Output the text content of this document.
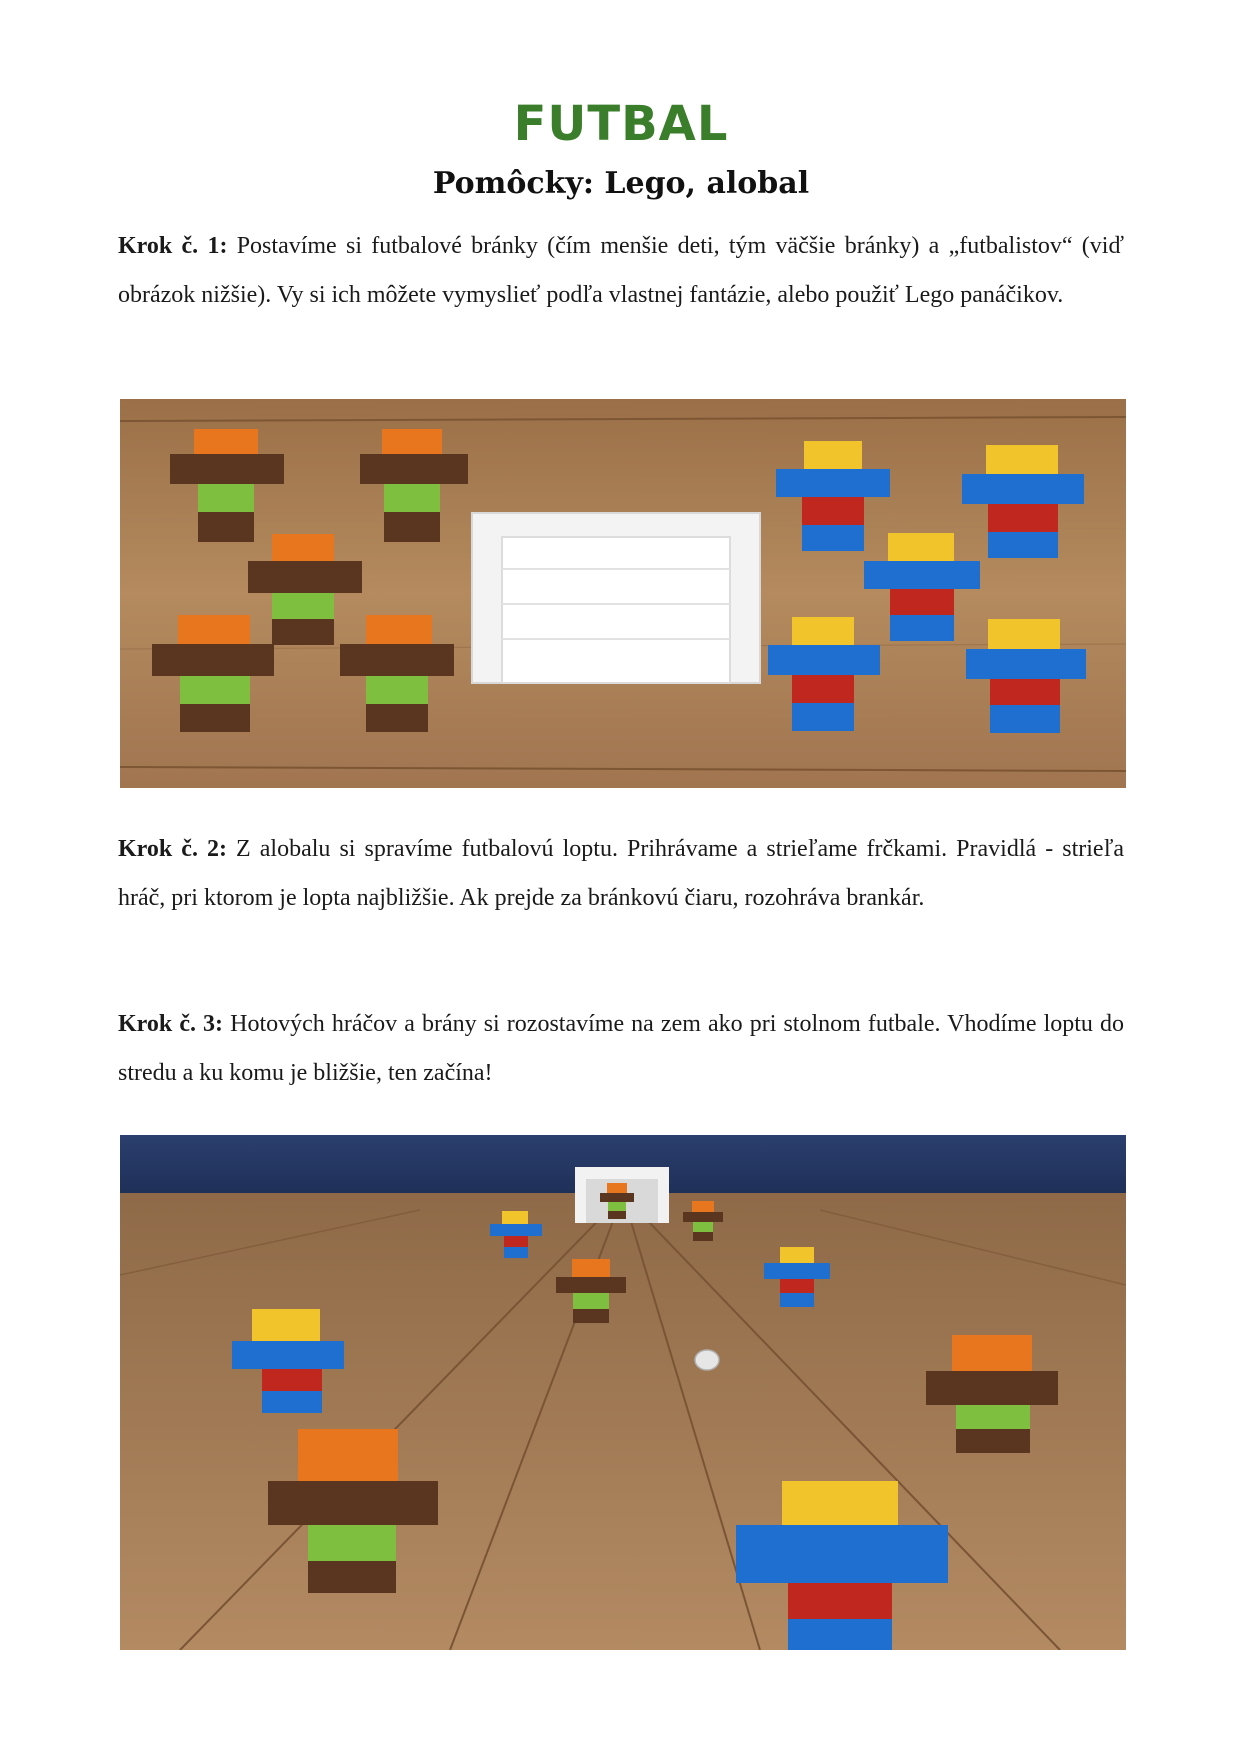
FUTBAL
Pomôcky: Lego, alobal
Krok č. 1: Postavíme si futbalové bránky (čím menšie deti, tým väčšie bránky) a „futbalistov“ (viď obrázok nižšie). Vy si ich môžete vymyslieť podľa vlastnej fantázie, alebo použiť Lego panáčikov.
Krok č. 2: Z alobalu si spravíme futbalovú loptu. Prihrávame a strieľame frčkami. Pravidlá - strieľa hráč, pri ktorom je lopta najbližšie. Ak prejde za bránkovú čiaru, rozohráva brankár.
Krok č. 3: Hotových hráčov a brány si rozostavíme na zem ako pri stolnom futbale. Vhodíme loptu do stredu a ku komu je bližšie, ten začína!
